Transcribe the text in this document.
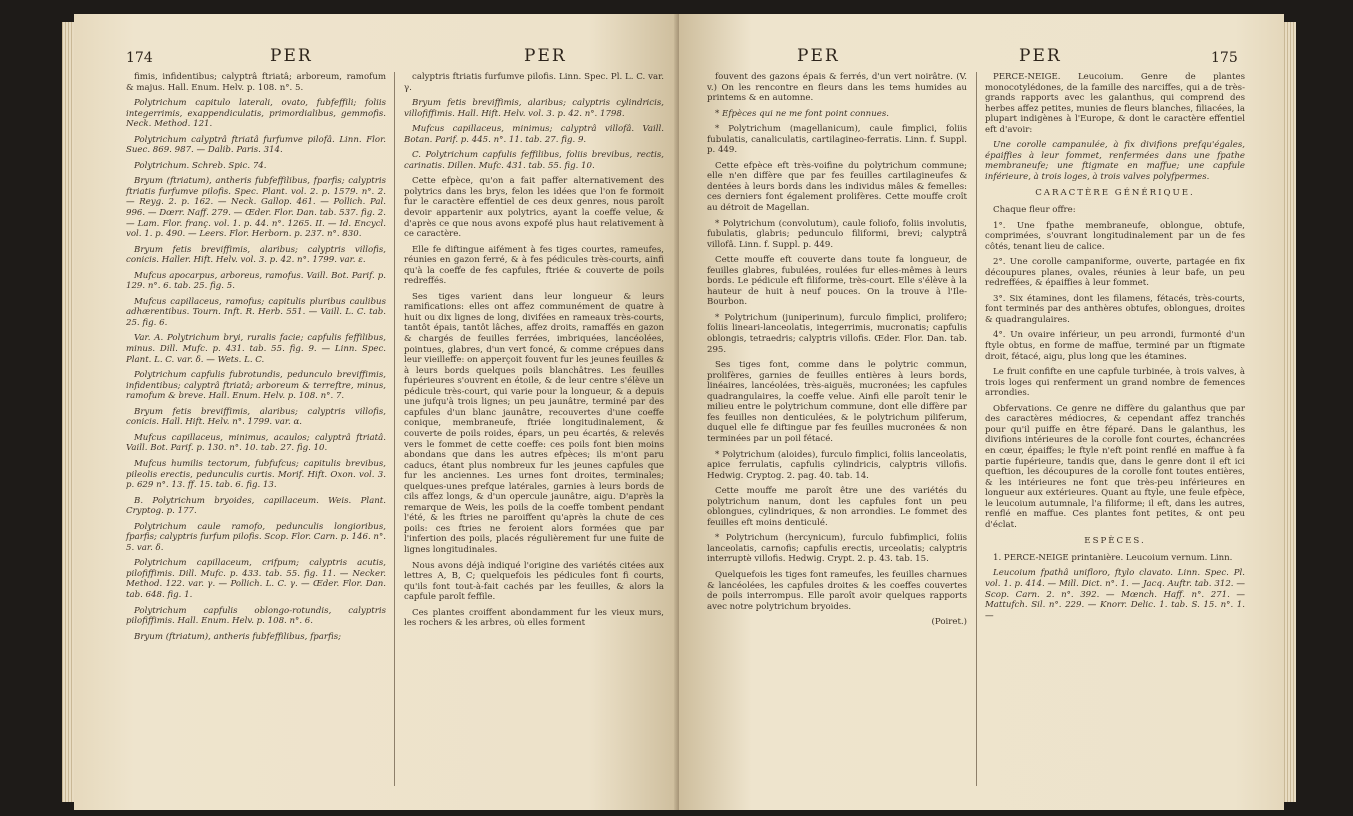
174	PER	PER

fimis, infidentibus; calyptrâ ftriatâ; arboreum, ramofum & majus. Hall. Enum. Helv. p. 108. n°. 5.

Polytrichum capitulo laterali, ovato, fubfeffili; foliis integerrimis, exappendiculatis, primordialibus, gemmofis. Neck. Method. 121.

Polytrichum calyptrâ ftriatâ furfumve pilofâ. Linn. Flor. Suec. 869. 987. — Dalib. Paris. 314.

Polytrichum. Schreb. Spic. 74.

Bryum (ftriatum), antheris fubfeffilibus, fparfis; calyptris ftriatis furfumve pilofis. Spec. Plant. vol. 2. p. 1579. n°. 2. — Reyg. 2. p. 162. — Neck. Gallop. 461. — Pollich. Pal. 996. — Dœrr. Naff. 279. — Œder. Flor. Dan. tab. 537. fig. 2. — Lam. Flor. franç. vol. 1. p. 44. n°. 1265. II. — Id. Encycl. vol. 1. p. 490. — Leers. Flor. Herborn. p. 237. n°. 830.

Bryum fetis breviffimis, alaribus; calyptris villofis, conicis. Haller. Hift. Helv. vol. 3. p. 42. n°. 1799. var. ε.

Mufcus apocarpus, arboreus, ramofus. Vaill. Bot. Parif. p. 129. n°. 6. tab. 25. fig. 5.

Mufcus capillaceus, ramofus; capitulis pluribus caulibus adhærentibus. Tourn. Inft. R. Herb. 551. — Vaill. L. C. tab. 25. fig. 6.

Var. A. Polytrichum bryi, ruralis facie; capfulis feffilibus, minus. Dill. Mufc. p. 431. tab. 55. fig. 9. — Linn. Spec. Plant. L. C. var. δ. — Wets. L. C.

Polytrichum capfulis fubrotundis, pedunculo breviffimis, infidentibus; calyptrâ ftriatâ; arboreum & terreftre, minus, ramofum & breve. Hall. Enum. Helv. p. 108. n°. 7.

Bryum fetis breviffimis, alaribus; calyptris villofis, conicis. Hall. Hift. Helv. n°. 1799. var. α.

Mufcus capillaceus, minimus, acaulos; calyptrâ ftriatâ. Vaill. Bot. Parif. p. 130. n°. 10. tab. 27. fig. 10.

Mufcus humilis tectorum, fubfufcus; capitulis brevibus, pileolis erectis, pedunculis curtis. Morif. Hift. Oxon. vol. 3. p. 629 n°. 13. ff. 15. tab. 6. fig. 13.

B. Polytrichum bryoides, capillaceum. Weis. Plant. Cryptog. p. 177.

Polytrichum caule ramofo, pedunculis longioribus, fparfis; calyptris furfum pilofis. Scop. Flor. Carn. p. 146. n°. 5. var. δ.

Polytrichum capillaceum, crifpum; calyptris acutis, pilofiffimis. Dill. Mufc. p. 433. tab. 55. fig. 11. — Necker. Method. 122. var. γ. — Pollich. L. C. γ. — Œder. Flor. Dan. tab. 648. fig. 1.

Polytrichum capfulis oblongo-rotundis, calyptris pilofiffimis. Hall. Enum. Helv. p. 108. n°. 6.

Bryum (ftriatum), antheris fubfeffilibus, fparfis;

calyptris ftriatis furfumve pilofis. Linn. Spec. Pl. L. C. var. γ.

Bryum fetis breviffimis, alaribus; calyptris cylindricis, villofiffimis. Hall. Hift. Helv. vol. 3. p. 42. n°. 1798.

Mufcus capillaceus, minimus; calyptrâ villofâ. Vaill. Botan. Parif. p. 445. n°. 11. tab. 27. fig. 9.

C. Polytrichum capfulis feffilibus, foliis brevibus, rectis, carinatis. Dillen. Mufc. 431. tab. 55. fig. 10.

Cette efpèce, qu'on a fait paffer alternativement des polytrics dans les brys, felon les idées que l'on fe formoit fur le caractère effentiel de ces deux genres, nous paroît devoir appartenir aux polytrics, ayant la coeffe velue, & d'après ce que nous avons expofé plus haut relativement à ce caractère.

Elle fe diftingue aifément à fes tiges courtes, rameufes, réunies en gazon ferré, & à fes pédicules très-courts, ainfi qu'à la coeffe de fes capfules, ftriée & couverte de poils redreffés.

Ses tiges varient dans leur longueur & leurs ramifications: elles ont affez communément de quatre à huit ou dix lignes de long, divifées en rameaux très-courts, tantôt épais, tantôt lâches, affez droits, ramaffés en gazon & chargés de feuilles ferrées, imbriquées, lancéolées, pointues, glabres, d'un vert foncé, & comme crépues dans leur vieilleffe: on apperçoit fouvent fur les jeunes feuilles & à leurs bords quelques poils blanchâtres. Les feuilles fupérieures s'ouvrent en étoile, & de leur centre s'élève un pédicule très-court, qui varie pour la longueur, & a depuis une jufqu'à trois lignes; un peu jaunâtre, terminé par des capfules d'un blanc jaunâtre, recouvertes d'une coeffe conique, membraneufe, ftriée longitudinalement, & couverte de poils roides, épars, un peu écartés, & relevés vers le fommet de cette coeffe: ces poils font bien moins abondans que dans les autres efpèces; ils m'ont paru caducs, étant plus nombreux fur les jeunes capfules que fur les anciennes. Les urnes font droites, terminales; quelques-unes prefque latérales, garnies à leurs bords de cils affez longs, & d'un opercule jaunâtre, aigu. D'après la remarque de Weis, les poils de la coeffe tombent pendant l'été, & les ftries ne paroiffent qu'après la chute de ces poils: ces ftries ne feroient alors formées que par l'infertion des poils, placés régulièrement fur une fuite de lignes longitudinales.

Nous avons déjà indiqué l'origine des variétés citées aux lettres A, B, C; quelquefois les pédicules font fi courts, qu'ils font tout-à-fait cachés par les feuilles, & alors la capfule paroît feffile.

Ces plantes croiffent abondamment fur les vieux murs, les rochers & les arbres, où elles forment

PER	PER	175

fouvent des gazons épais & ferrés, d'un vert noirâtre. (V. v.) On les rencontre en fleurs dans les tems humides au printems & en automne.

* Efpèces qui ne me font point connues.

* Polytrichum (magellanicum), caule fimplici, foliis fubulatis, canaliculatis, cartilagineo-ferratis. Linn. f. Suppl. p. 449.

Cette efpèce eft très-voifine du polytrichum commune; elle n'en diffère que par fes feuilles cartilagineufes & dentées à leurs bords dans les individus mâles & femelles: ces derniers font également prolifères. Cette mouffe croît au détroit de Magellan.

* Polytrichum (convolutum), caule foliofo, foliis involutis, fubulatis, glabris; pedunculo filiformi, brevi; calyptrâ villofâ. Linn. f. Suppl. p. 449.

Cette mouffe eft couverte dans toute fa longueur, de feuilles glabres, fubulées, roulées fur elles-mêmes à leurs bords. Le pédicule eft filiforme, très-court. Elle s'élève à la hauteur de huit à neuf pouces. On la trouve à l'Ile-Bourbon.

* Polytrichum (juniperinum), furculo fimplici, prolifero; foliis lineari-lanceolatis, integerrimis, mucronatis; capfulis oblongis, tetraedris; calyptris villofis. Œder. Flor. Dan. tab. 295.

Ses tiges font, comme dans le polytric commun, prolifères, garnies de feuilles entières à leurs bords, linéaires, lancéolées, très-aiguës, mucronées; les capfules quadrangulaires, la coeffe velue. Ainfi elle paroît tenir le milieu entre le polytrichum commune, dont elle diffère par fes feuilles non denticulées, & le polytrichum piliferum, duquel elle fe diftingue par fes feuilles mucronées & non terminées par un poil fétacé.

* Polytrichum (aloides), furculo fimplici, foliis lanceolatis, apice ferrulatis, capfulis cylindricis, calyptris villofis. Hedwig. Cryptog. 2. pag. 40. tab. 14.

Cette mouffe me paroît être une des variétés du polytrichum nanum, dont les capfules font un peu oblongues, cylindriques, & non arrondies. Le fommet des feuilles eft moins denticulé.

* Polytrichum (hercynicum), furculo fubfimplici, foliis lanceolatis, carnofis; capfulis erectis, urceolatis; calyptris interruptè villofis. Hedwig. Crypt. 2. p. 43. tab. 15.

Quelquefois les tiges font rameufes, les feuilles charnues & lancéolées, les capfules droites & les coeffes couvertes de poils interrompus. Elle paroît avoir quelques rapports avec notre polytrichum bryoides.

(Poiret.)

PERCE-NEIGE. Leucoium. Genre de plantes monocotylédones, de la famille des narciffes, qui a de très-grands rapports avec les galanthus, qui comprend des herbes affez petites, munies de fleurs blanches, filiacées, la plupart indigènes à l'Europe, & dont le caractère effentiel eft d'avoir:

Une corolle campanulée, à fix divifions prefqu'égales, épaiffies à leur fommet, renfermées dans une fpathe membraneufe; une ftigmate en maffue; une capfule inférieure, à trois loges, à trois valves polyfpermes.

CARACTÈRE GÉNÉRIQUE.

Chaque fleur offre:

1°. Une fpathe membraneufe, oblongue, obtufe, comprimées, s'ouvrant longitudinalement par un de fes côtés, tenant lieu de calice.

2°. Une corolle campaniforme, ouverte, partagée en fix découpures planes, ovales, réunies à leur bafe, un peu redreffées, & épaiffies à leur fommet.

3°. Six étamines, dont les filamens, fétacés, très-courts, font terminés par des anthères obtufes, oblongues, droites & quadrangulaires.

4°. Un ovaire inférieur, un peu arrondi, furmonté d'un ftyle obtus, en forme de maffue, terminé par un ftigmate droit, fétacé, aigu, plus long que les étamines.

Le fruit confifte en une capfule turbinée, à trois valves, à trois loges qui renferment un grand nombre de femences arrondies.

Obfervations. Ce genre ne diffère du galanthus que par des caractères médiocres, & cependant affez tranchés pour qu'il puiffe en être féparé. Dans le galanthus, les divifions intérieures de la corolle font courtes, échancrées en cœur, épaiffes; le ftyle n'eft point renflé en maffue à fa partie fupérieure, tandis que, dans le genre dont il eft ici queftion, les découpures de la corolle font toutes entières, & les intérieures ne font que très-peu inférieures en longueur aux extérieures. Quant au ftyle, une feule efpèce, le leucoium autumnale, l'a filiforme; il eft, dans les autres, renflé en maffue. Ces plantes font petites, & ont peu d'éclat.

ESPÈCES.

1. PERCE-NEIGE printanière. Leucoium vernum. Linn.

Leucoium fpathâ unifloro, ftylo clavato. Linn. Spec. Pl. vol. 1. p. 414. — Mill. Dict. n°. 1. — Jacq. Auftr. tab. 312. — Scop. Carn. 2. n°. 392. — Mœnch. Haff. n°. 271. — Mattufch. Sil. n°. 229. — Knorr. Delic. 1. tab. S. 15. n°. 1. —
